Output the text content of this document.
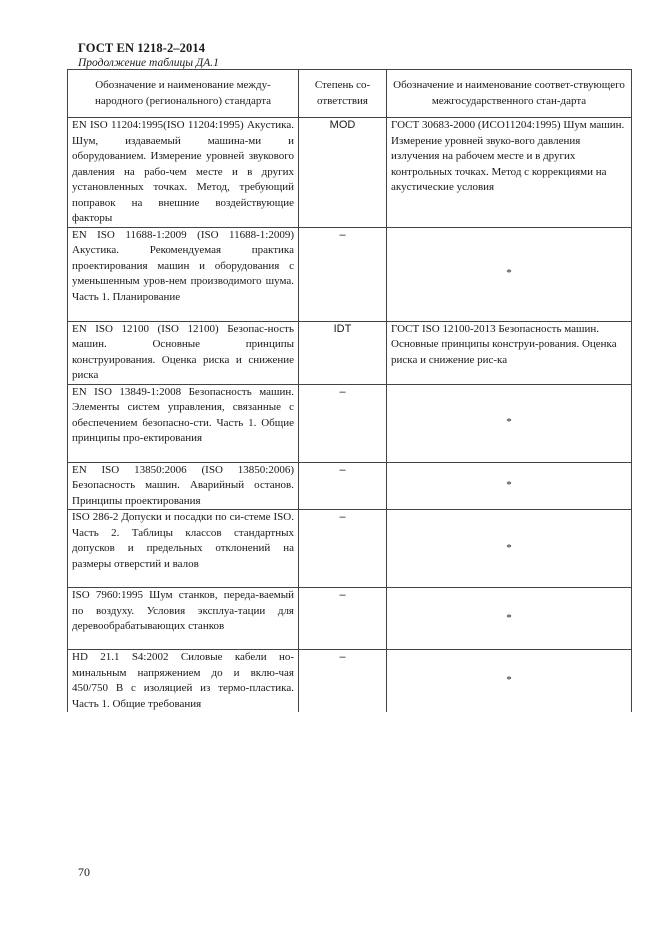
ГОСТ EN 1218-2–2014
Продолжение таблицы ДА.1
Обозначение и наименование между-народного (регионального) стандарта	Степень со-ответствия	Обозначение и наименование соответ-ствующего межгосударственного стан-дарта
EN ISO 11204:1995(ISO 11204:1995) Акустика. Шум, издаваемый машина-ми и оборудованием. Измерение уровней звукового давления на рабо-чем месте и в других установленных точках. Метод, требующий поправок на внешние воздействующие факторы	MOD	ГОСТ 30683-2000 (ИСО11204:1995) Шум машин. Измерение уровней звуко-вого давления излучения на рабочем месте и в других контрольных точках. Метод с коррекциями на акустические условия
EN ISO 11688-1:2009 (ISO 11688-1:2009) Акустика. Рекомендуемая практика проектирования машин и оборудования с уменьшенным уров-нем производимого шума. Часть 1. Планирование	–	*
EN ISO 12100 (ISO 12100) Безопас-ность машин. Основные принципы конструирования. Оценка риска и снижение риска	IDT	ГОСТ ISO 12100-2013 Безопасность машин. Основные принципы конструи-рования. Оценка риска и снижение рис-ка
EN ISO 13849-1:2008 Безопасность машин. Элементы систем управления, связанные с обеспечением безопасно-сти. Часть 1. Общие принципы про-ектирования	–	*
EN ISO 13850:2006 (ISO 13850:2006) Безопасность машин. Аварийный останов. Принципы проектирования	–	*
ISO 286-2 Допуски и посадки по си-стеме ISO. Часть 2. Таблицы классов стандартных допусков и предельных отклонений на размеры отверстий и валов	–	*
ISO 7960:1995 Шум станков, переда-ваемый по воздуху. Условия эксплуа-тации для деревообрабатывающих станков	–	*
HD 21.1 S4:2002 Силовые кабели но-минальным напряжением до и вклю-чая 450/750 В с изоляцией из термо-пластика. Часть 1. Общие требования	–	*
70
